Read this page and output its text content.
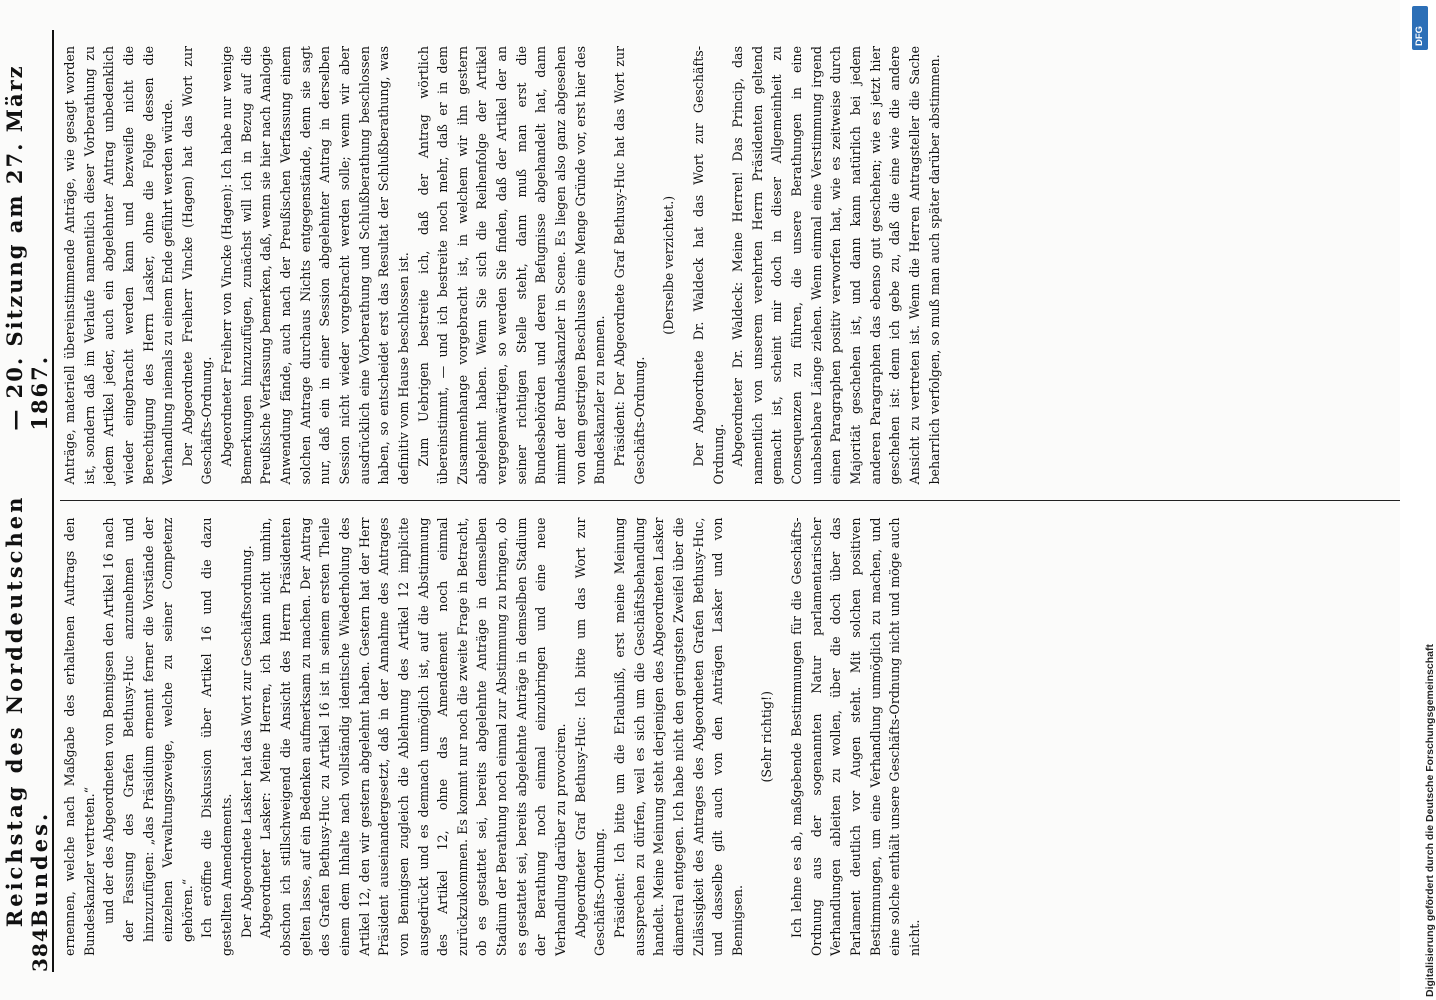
384
Reichstag des Norddeutschen Bundes.
— 20. Sitzung am 27. März 1867.

ernennen, welche nach Maßgabe des erhaltenen Auftrags den Bundeskanzler vertreten.“ und der des Abgeordneten von Bennigsen den Artikel 16 nach der Fassung des Grafen Bethusy-Huc anzunehmen und hinzuzufügen: „das Präsidium ernennt ferner die Vorstände der einzelnen Verwaltungszweige, welche zu seiner Competenz gehören.“ Ich eröffne die Diskussion über Artikel 16 und die dazu gestellten Amendements. Der Abgeordnete Lasker hat das Wort zur Geschäftsordnung. Abgeordneter Lasker: Meine Herren, ich kann nicht umhin, obschon ich stillschweigend die Ansicht des Herrn Präsidenten gelten lasse, auf ein Bedenken aufmerksam zu machen. Der Antrag des Grafen Bethusy-Huc zu Artikel 16 ist in seinem ersten Theile einem dem Inhalte nach vollständig identische Wiederholung des Artikel 12, den wir gestern abgelehnt haben. Gestern hat der Herr Präsident auseinandergesetzt, daß in der Annahme des Antrages von Bennigsen zugleich die Ablehnung des Artikel 12 implicite ausgedrückt und es demnach unmöglich ist, auf die Abstimmung des Artikel 12, ohne das Amendement noch einmal zurückzukommen. Es kommt nur noch die zweite Frage in Betracht, ob es gestattet sei, bereits abgelehnte Anträge in demselben Stadium der Berathung noch einmal zur Abstimmung zu bringen, ob es gestattet sei, bereits abgelehnte Anträge in demselben Stadium der Berathung noch einmal einzubringen und eine neue Verhandlung darüber zu provociren. Abgeordneter Graf Bethusy-Huc: Ich bitte um das Wort zur Geschäfts-Ordnung. Präsident: Ich bitte um die Erlaubniß, erst meine Meinung aussprechen zu dürfen, weil es sich um die Geschäftsbehandlung handelt. Meine Meinung steht derjenigen des Abgeordneten Lasker diametral entgegen. Ich habe nicht den geringsten Zweifel über die Zulässigkeit des Antrages des Abgeordneten Grafen Bethusy-Huc, und dasselbe gilt auch von den Anträgen Lasker und von Bennigsen.

(Sehr richtig!) Ich lehne es ab, maßgebende Bestimmungen für die Geschäfts-Ordnung aus der sogenannten Natur parlamentarischer Verhandlungen ableiten zu wollen, über die doch über das Parlament deutlich vor Augen steht. Mit solchen positiven Bestimmungen, um eine Verhandlung unmöglich zu machen, und eine solche enthält unsere Geschäfts-Ordnung nicht und möge auch nicht.

Anträge, materiell übereinstimmende Anträge, wie gesagt worden ist, sondern daß im Verlaufe namentlich dieser Vorberathung zu jedem Artikel jeder, auch ein abgelehnter Antrag unbedenklich wieder eingebracht werden kann und bezweifle nicht die Berechtigung des Herrn Lasker, ohne die Folge dessen die Verhandlung niemals zu einem Ende geführt werden würde. Der Abgeordnete Freiherr Vincke (Hagen) hat das Wort zur Geschäfts-Ordnung. Abgeordneter Freiherr von Vincke (Hagen): Ich habe nur wenige Bemerkungen hinzuzufügen, zunächst will ich in Bezug auf die Preußische Verfassung bemerken, daß, wenn sie hier nach Analogie Anwendung fände, auch nach der Preußischen Verfassung einem solchen Antrage durchaus Nichts entgegenstände, denn sie sagt nur, daß ein in einer Session abgelehnter Antrag in derselben Session nicht wieder vorgebracht werden solle; wenn wir aber ausdrücklich eine Vorberathung und Schlußberathung beschlossen haben, so entscheidet erst das Resultat der Schlußberathung, was definitiv vom Hause beschlossen ist. Zum Uebrigen bestreite ich, daß der Antrag wörtlich übereinstimmt, — und ich bestreite noch mehr, daß er in dem Zusammenhange vorgebracht ist, in welchem wir ihn gestern abgelehnt haben. Wenn Sie sich die Reihenfolge der Artikel vergegenwärtigen, so werden Sie finden, daß der Artikel der an seiner richtigen Stelle steht, dann muß man erst die Bundesbehörden und deren Befugnisse abgehandelt hat, dann nimmt der Bundeskanzler in Scene. Es liegen also ganz abgesehen von dem gestrigen Beschlusse eine Menge Gründe vor, erst hier des Bundeskanzler zu nennen. Präsident: Der Abgeordnete Graf Bethusy-Huc hat das Wort zur Geschäfts-Ordnung.

(Derselbe verzichtet.) Der Abgeordnete Dr. Waldeck hat das Wort zur Geschäfts-Ordnung. Abgeordneter Dr. Waldeck: Meine Herren! Das Princip, das namentlich von unserem verehrten Herrn Präsidenten geltend gemacht ist, scheint mir doch in dieser Allgemeinheit zu Consequenzen zu führen, die unsere Berathungen in eine unabsehbare Länge ziehen. Wenn einmal eine Verstimmung irgend einen Paragraphen positiv verworfen hat, wie es zeitweise durch Majorität geschehen ist, und dann kann natürlich bei jedem anderen Paragraphen das ebenso gut geschehen; wie es jetzt hier geschehen ist: denn ich gebe zu, daß die eine wie die andere Ansicht zu vertreten ist. Wenn die Herren Antragsteller die Sache beharrlich verfolgen, so muß man auch später darüber abstimmen.

DFG
Digitalisierung gefördert durch die Deutsche Forschungsgemeinschaft
